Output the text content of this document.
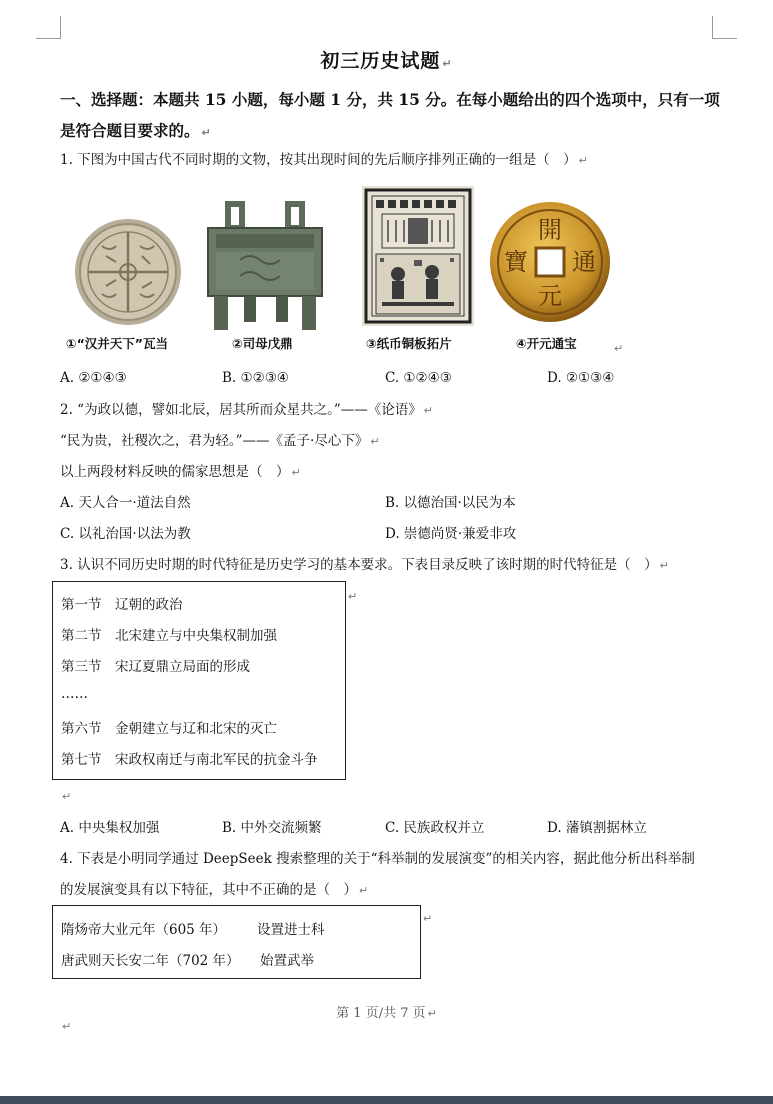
初三历史试题 ↵
一、选择题：本题共 15 小题，每小题 1 分，共 15 分。在每小题给出的四个选项中，只有一项是符合题目要求的。 ↵
1. 下图为中国古代不同时期的文物，按其出现时间的先后顺序排列正确的一组是（　） ↵
開
通
元
寶
①“汉并天下”瓦当	②司母戊鼎	③纸币铜板拓片	④开元通宝	↵
A. ②①④③	B. ①②③④	C. ①②④③	D. ②①③④
2. “为政以德，譬如北辰，居其所而众星共之。”——《论语》 ↵
“民为贵，社稷次之，君为轻。”——《孟子·尽心下》 ↵
以上两段材料反映的儒家思想是（　） ↵
A. 天人合一·道法自然	B. 以德治国·以民为本
C. 以礼治国·以法为教	D. 崇德尚贤·兼爱非攻
3. 认识不同历史时期的时代特征是历史学习的基本要求。下表目录反映了该时期的时代特征是（　） ↵
第一节　辽朝的政治
第二节　北宋建立与中央集权制加强
第三节　宋辽夏鼎立局面的形成
……
第六节　金朝建立与辽和北宋的灭亡
第七节　宋政权南迁与南北军民的抗金斗争
↵
↵
A. 中央集权加强	B. 中外交流频繁	C. 民族政权并立	D. 藩镇割据林立
4. 下表是小明同学通过 DeepSeek 搜索整理的关于“科举制的发展演变”的相关内容，据此他分析出科举制
的发展演变具有以下特征，其中不正确的是（　） ↵
隋炀帝大业元年（605 年） 设置进士科
唐武则天长安二年（702 年） 始置武举
↵
第 1 页/共 7 页 ↵
↵
